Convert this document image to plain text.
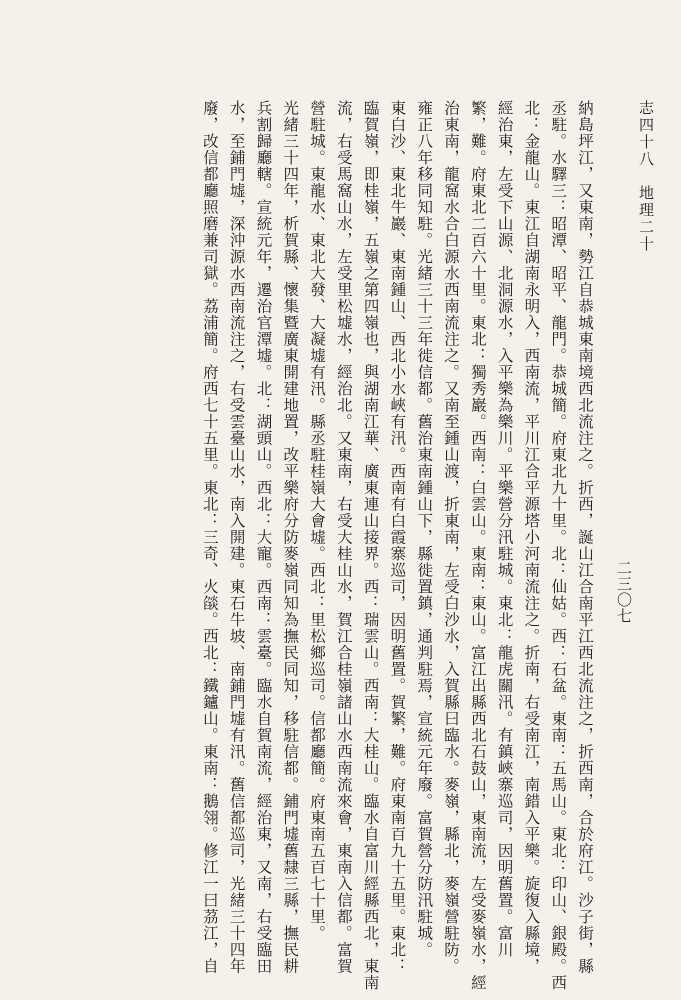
志四十八　地理二十
二三〇七
納島坪江，又東南，勢江自恭城東南境西北流注之。折西，誕山江合南平江西北流注之，折西南，合於府江。沙子街，縣
丞駐。水驛三：昭潭、昭平、龍門。恭城簡。府東北九十里。北：仙姑。西：石盆。東南：五馬山。東北：印山、銀殿。西
北：金龍山。東江自湖南永明入，西南流，平川江合平源塔小河南流注之。折南，右受南江，南錯入平樂。旋復入縣境，
經治東，左受下山源、北洞源水，入平樂為樂川。平樂營分汛駐城。東北：龍虎關汛。有鎮峽寨巡司，因明舊置。富川
繁，難。府東北二百六十里。東北：獨秀巖。西南：白雲山。東南：東山。富江出縣西北石鼓山，東南流，左受麥嶺水，經
治東南，龍窩水合白源水西南流注之。又南至鍾山渡，折東南，左受白沙水，入賀縣曰臨水。麥嶺，縣北，麥嶺營駐防。
雍正八年移同知駐。光緒三十三年徙信都。舊治東南鍾山下，縣徙置鎮，通判駐焉，宣統元年廢。富賀營分防汛駐城。
東白沙、東北牛巖、東南鍾山、西北小水峽有汛。西南有白霞寨巡司，因明舊置。賀繁，難。府東南百九十五里。東北：
臨賀嶺，即桂嶺，五嶺之第四嶺也，與湖南江華、廣東連山接界。西：瑞雲山。西南：大桂山。臨水自富川經縣西北，東南
流，右受馬窩山水，左受里松墟水，經治北。又東南，右受大桂山水，賀江合桂嶺諸山水西南流來會，東南入信都。富賀
營駐城。東龍水、東北大發、大凝墟有汛。縣丞駐桂嶺大會墟。西北：里松鄉巡司。信都廳簡。府東南五百七十里。
光緒三十四年，析賀縣、懷集暨廣東開建地置，改平樂府分防麥嶺同知為撫民同知，移駐信都。鋪門墟舊隸三縣，撫民耕
兵割歸廳轄。宣統元年，遷治官潭墟。北：湖頭山。西北：大寵。西南：雲臺。臨水自賀南流，經治東，又南，右受臨田
水，至鋪門墟，深沖源水西南流注之，右受雲臺山水，南入開建。東石牛坡、南鋪門墟有汛。舊信都巡司，光緒三十四年
廢，改信都廳照磨兼司獄。荔浦簡。府西七十五里。東北：三奇、火燄。西北：鐵鑪山。東南：鵝翎。修江一曰茘江，自
